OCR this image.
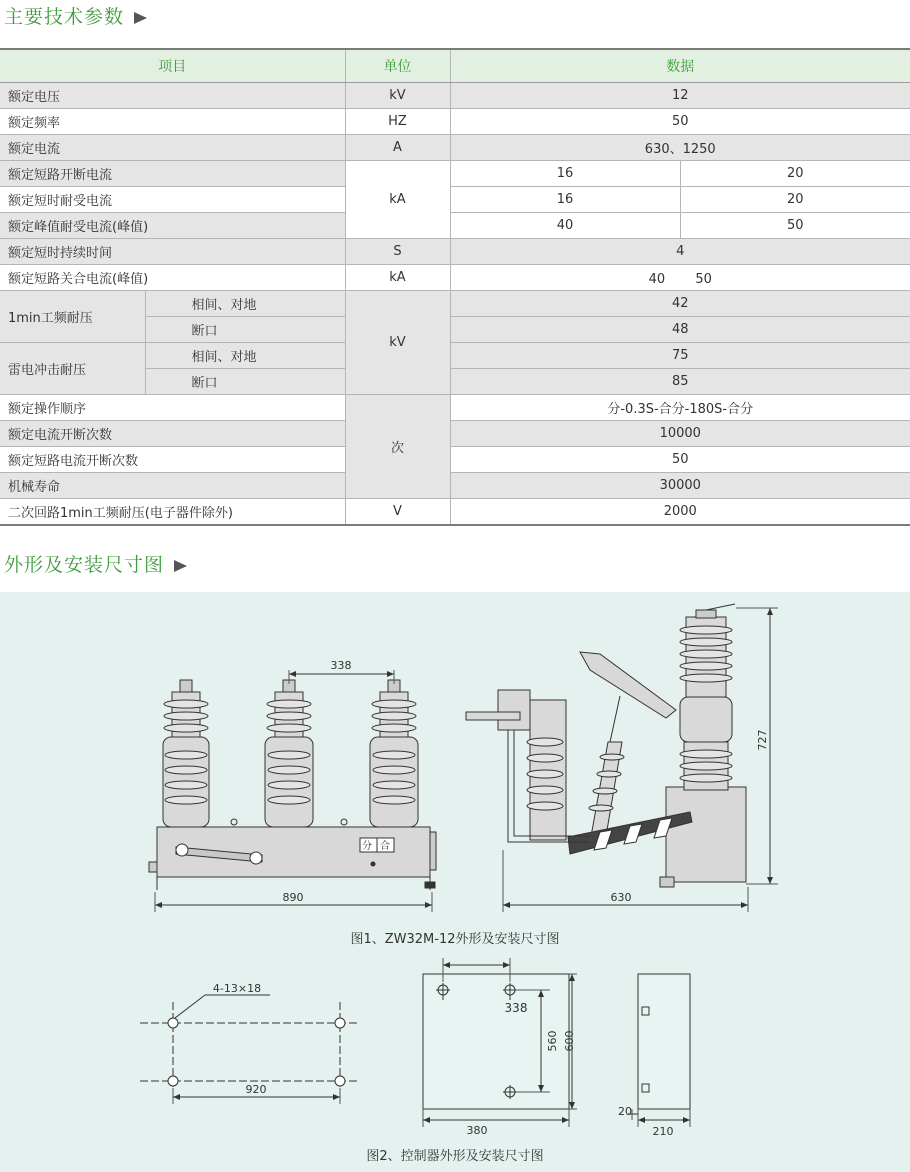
主要技术参数
项目		单位	数据	
额定电压		kV	12	
额定频率		HZ	50	
额定电流		A	630、1250	
额定短路开断电流		kA	16	20
额定短时耐受电流			16	20
额定峰值耐受电流(峰值)			40	50
额定短时持续时间		S	4	
额定短路关合电流(峰值)		kA	40　　 50	
1min工频耐压	相间、对地	kV	42	
	断口		48	
雷电冲击耐压	相间、对地		75	
	断口		85	
额定操作顺序		次	分-0.3S-合分-180S-合分	
额定电流开断次数			10000	
额定短路电流开断次数			50	
机械寿命			30000	
二次回路1min工频耐压(电子器件除外)		V	2000	
外形及安装尺寸图
338
890
分 合
630
727
图1、ZW32M-12外形及安装尺寸图
4-13×18
920
338
560 600
380
20
210
图2、控制器外形及安装尺寸图
